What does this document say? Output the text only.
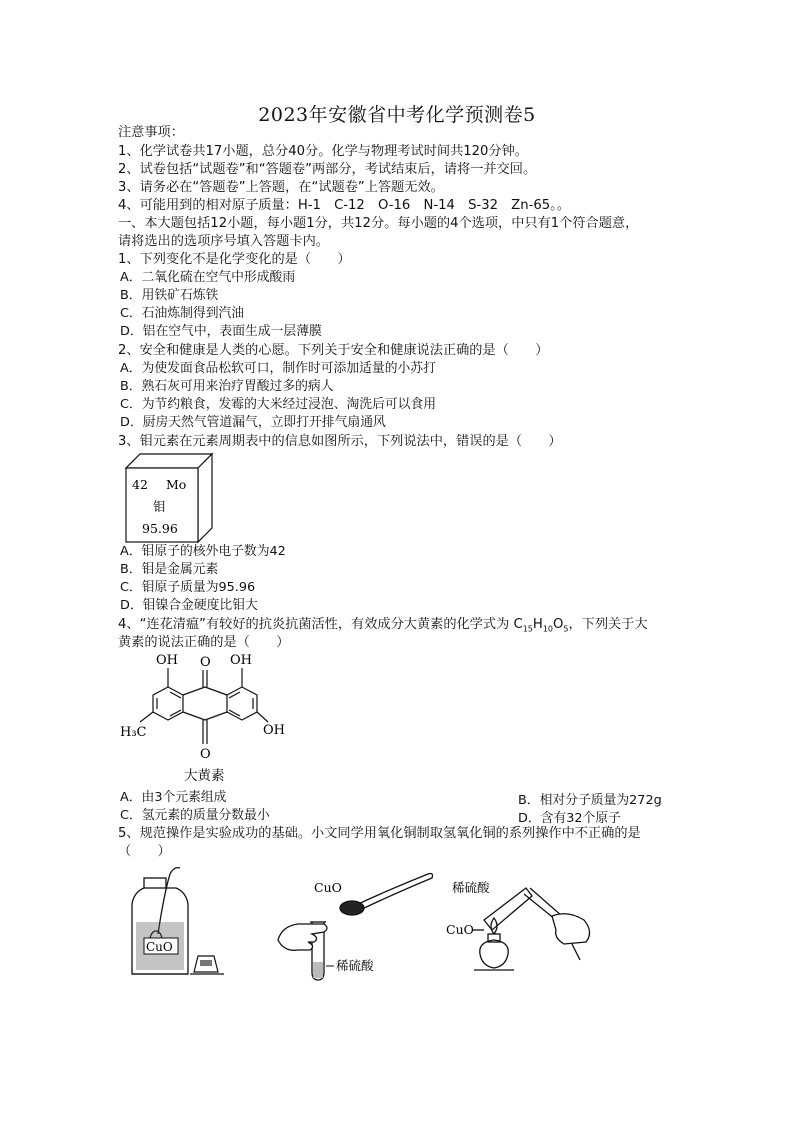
2023年安徽省中考化学预测卷5
注意事项：
1、化学试卷共17小题，总分40分。化学与物理考试时间共120分钟。
2、试卷包括“试题卷”和“答题卷”两部分，考试结束后，请将一并交回。
3、请务必在“答题卷”上答题，在“试题卷”上答题无效。
4、可能用到的相对原子质量：H-1　C-12　O-16　N-14　S-32　Zn-65。。
一、本大题包括12小题，每小题1分，共12分。每小题的4个选项，中只有1个符合题意，
请将选出的选项序号填入答题卡内。
1、下列变化不是化学变化的是（　　）
A．二氧化硫在空气中形成酸雨
B．用铁矿石炼铁
C．石油炼制得到汽油
D．铝在空气中，表面生成一层薄膜
2、安全和健康是人类的心愿。下列关于安全和健康说法正确的是（　　）
A．为使发面食品松软可口，制作时可添加适量的小苏打
B．熟石灰可用来治疗胃酸过多的病人
C．为节约粮食，发霉的大米经过浸泡、淘洗后可以食用
D．厨房天然气管道漏气，立即打开排气扇通风
3、钼元素在元素周期表中的信息如图所示，下列说法中，错误的是（　　）
42 Mo
钼
95.96
A．钼原子的核外电子数为42
B．钼是金属元素
C．钼原子质量为95.96
D．钼镍合金硬度比钼大
4、“连花清瘟”有较好的抗炎抗菌活性，有效成分大黄素的化学式为 $C_{15}H_{10}O_5$，下列关于大
黄素的说法正确的是（　　）
OH O OH
H₃C	OH
O
大黄素
A．由3个元素组成	B．相对分子质量为272g
C．氢元素的质量分数最小	D．含有32个原子
5、规范操作是实验成功的基础。小文同学用氧化铜制取氢氧化铜的系列操作中不正确的是
（　　）
CuO
CuO
稀硫酸
稀硫酸
CuO
